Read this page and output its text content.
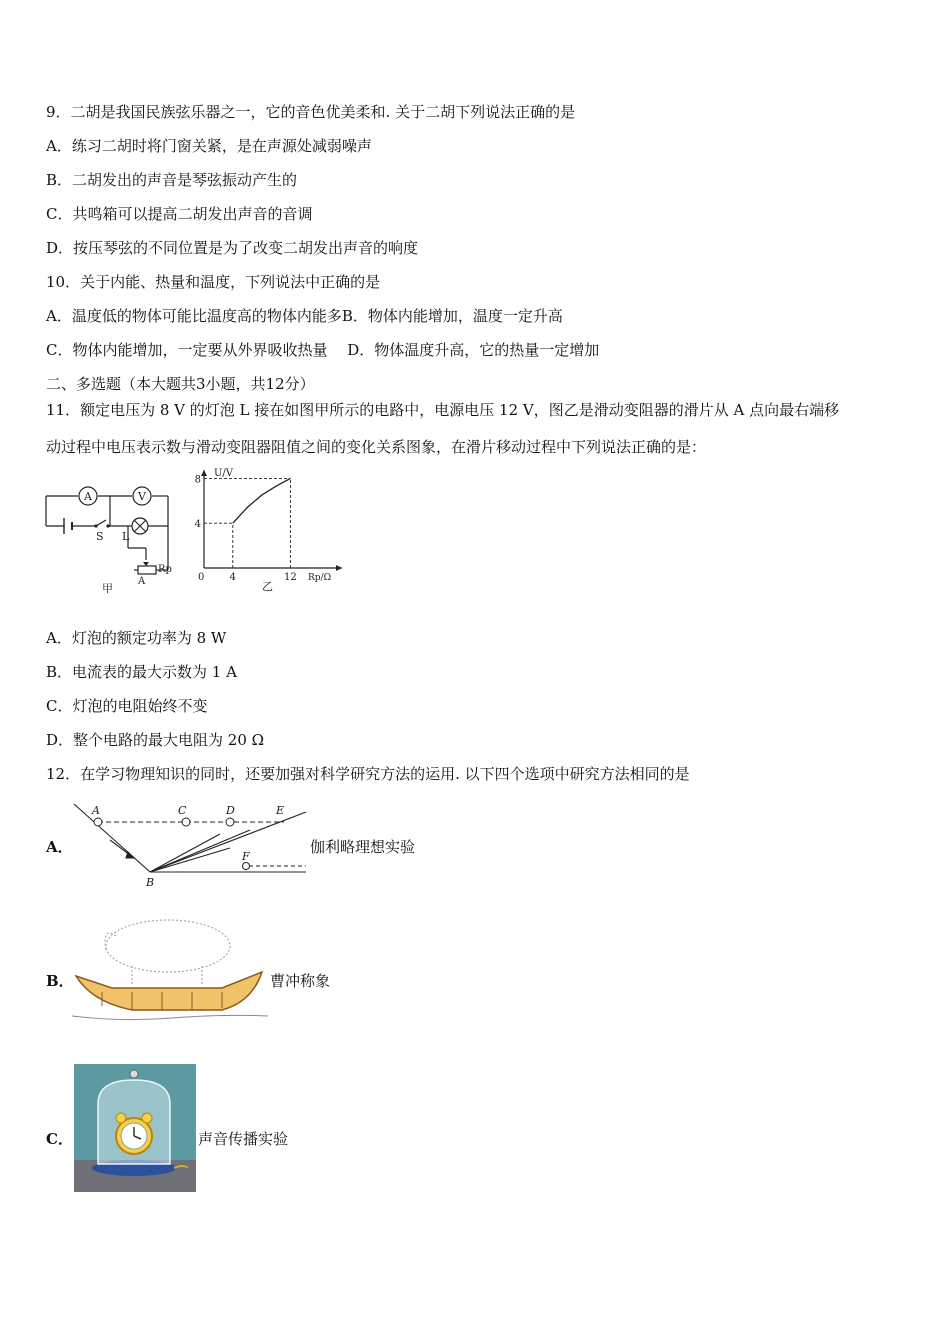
9．二胡是我国民族弦乐器之一，它的音色优美柔和. 关于二胡下列说法正确的是
A．练习二胡时将门窗关紧，是在声源处减弱噪声
B．二胡发出的声音是琴弦振动产生的
C．共鸣箱可以提高二胡发出声音的音调
D．按压琴弦的不同位置是为了改变二胡发出声音的响度
10．关于内能、热量和温度，下列说法中正确的是
A．温度低的物体可能比温度高的物体内能多B．物体内能增加，温度一定升高
C．物体内能增加，一定要从外界吸收热量　 D．物体温度升高，它的热量一定增加
二、多选题（本大题共3小题，共12分）
11．额定电压为 8 V 的灯泡 L 接在如图甲所示的电路中，电源电压 12 V，图乙是滑动变阻器的滑片从 A 点向最右端移
动过程中电压表示数与滑动变阻器阻值之间的变化关系图象，在滑片移动过程中下列说法正确的是：
A	V
S L
Rp
A
甲
U/V
Rp/Ω
0	4	12
4
8
乙
A．灯泡的额定功率为 8 W
B．电流表的最大示数为 1 A
C．灯泡的电阻始终不变
D．整个电路的最大电阻为 20 Ω
12．在学习物理知识的同时，还要加强对科学研究方法的运用. 以下四个选项中研究方法相同的是
A．
A
B
C	D	E
F
伽利略理想实验
B．	曹冲称象
C．	声音传播实验
